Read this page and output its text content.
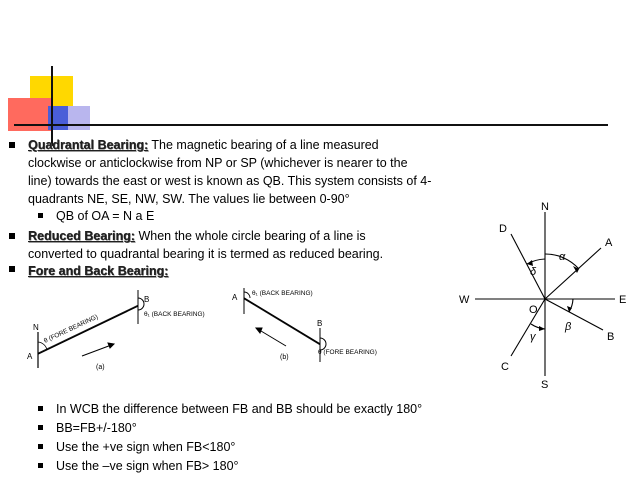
Quadrantal Bearing: The magnetic bearing of a line measured
clockwise or anticlockwise from NP or SP (whichever is nearer to the
line) towards the east or west is known as QB. This system consists of 4-
quadrants NE, SE, NW, SW. The values lie between 0-90°
QB of OA = N a E
Reduced Bearing: When the whole circle bearing of a line is
converted to quadrantal bearing it is termed as reduced bearing.
Fore and Back Bearing:
N
A
B
θ (FORE BEARING)	θ₁ (BACK BEARING)
(a)
A
B
θ₁ (BACK BEARING)
θ (FORE BEARING)
(b)
N
S
W	E
O
A
B
C
D
α
β
γ
δ
In WCB the difference between FB and BB should be exactly 180°
BB=FB+/-180°
Use the +ve sign when FB<180°
Use the –ve sign when FB> 180°
